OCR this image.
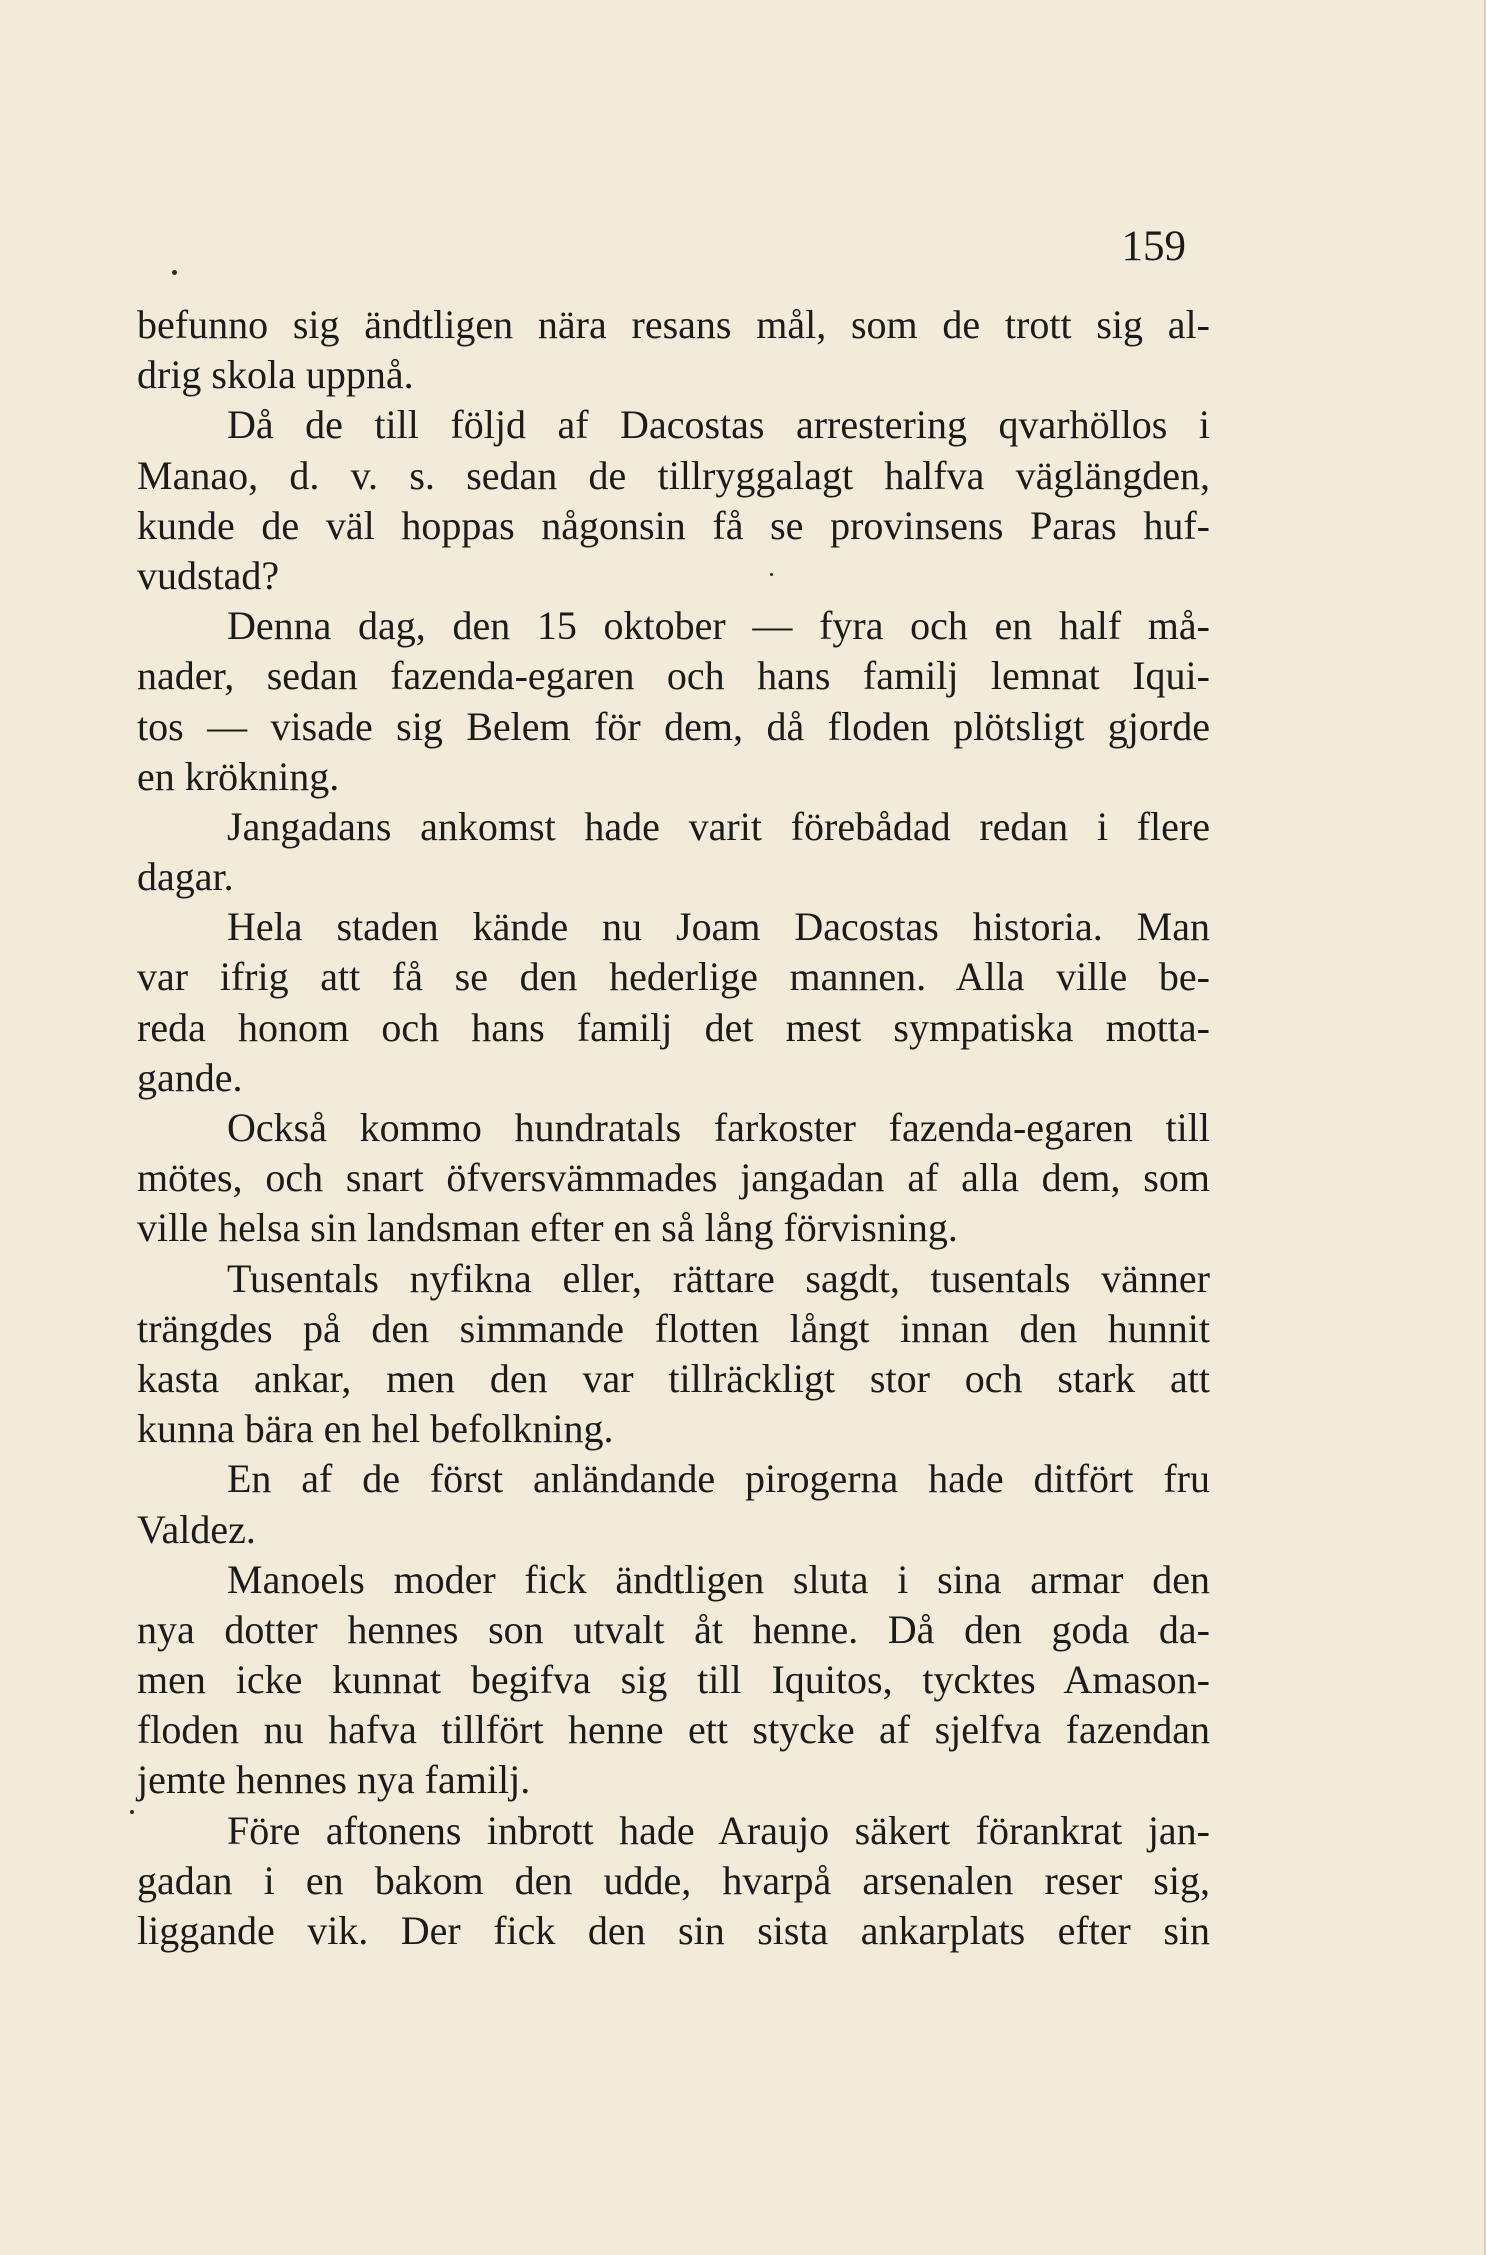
159
befunno sig ändtligen nära resans mål, som de trott sig al-
drig skola uppnå.
Då de till följd af Dacostas arrestering qvarhöllos i
Manao, d. v. s. sedan de tillryggalagt halfva väglängden,
kunde de väl hoppas någonsin få se provinsens Paras huf-
vudstad?
Denna dag, den 15 oktober — fyra och en half må-
nader, sedan fazenda-egaren och hans familj lemnat Iqui-
tos — visade sig Belem för dem, då floden plötsligt gjorde
en krökning.
Jangadans ankomst hade varit förebådad redan i flere
dagar.
Hela staden kände nu Joam Dacostas historia. Man
var ifrig att få se den hederlige mannen. Alla ville be-
reda honom och hans familj det mest sympatiska motta-
gande.
Också kommo hundratals farkoster fazenda-egaren till
mötes, och snart öfversvämmades jangadan af alla dem, som
ville helsa sin landsman efter en så lång förvisning.
Tusentals nyfikna eller, rättare sagdt, tusentals vänner
trängdes på den simmande flotten långt innan den hunnit
kasta ankar, men den var tillräckligt stor och stark att
kunna bära en hel befolkning.
En af de först anländande pirogerna hade ditfört fru
Valdez.
Manoels moder fick ändtligen sluta i sina armar den
nya dotter hennes son utvalt åt henne. Då den goda da-
men icke kunnat begifva sig till Iquitos, tycktes Amason-
floden nu hafva tillfört henne ett stycke af sjelfva fazendan
jemte hennes nya familj.
Före aftonens inbrott hade Araujo säkert förankrat jan-
gadan i en bakom den udde, hvarpå arsenalen reser sig,
liggande vik. Der fick den sin sista ankarplats efter sin
